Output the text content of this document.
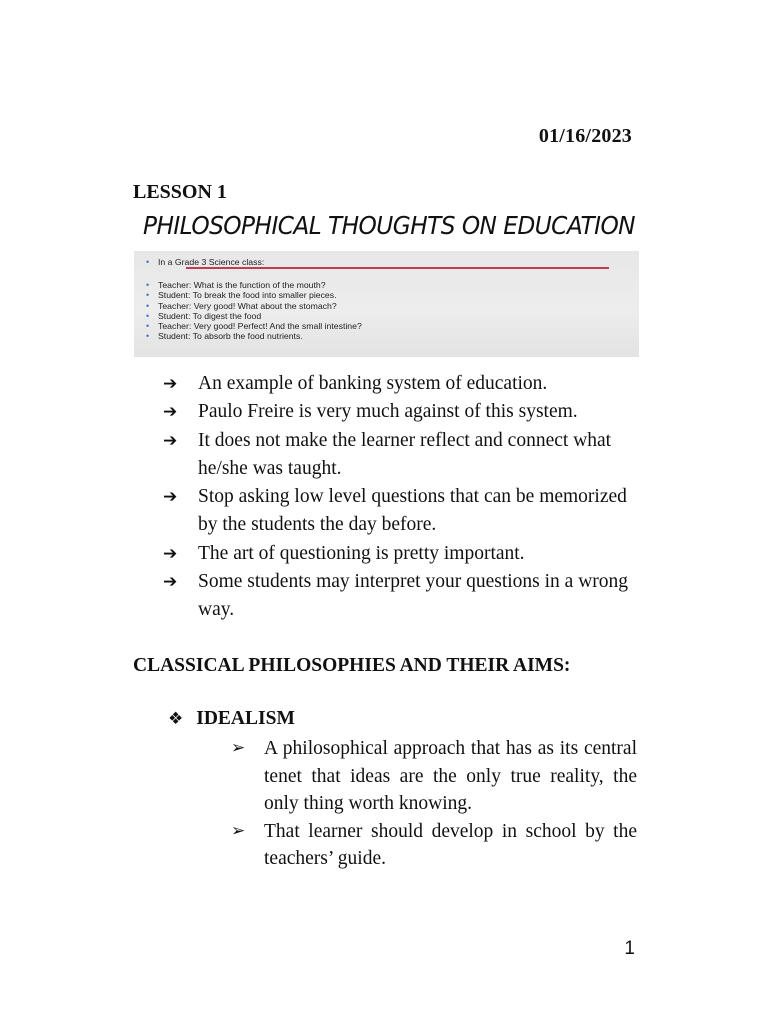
01/16/2023
LESSON 1
PHILOSOPHICAL THOUGHTS ON EDUCATION
• In a Grade 3 Science class:
• Teacher: What is the function of the mouth?
• Student: To break the food into smaller pieces.
• Teacher: Very good! What about the stomach?
• Student: To digest the food
• Teacher: Very good! Perfect! And the small intestine?
• Student: To absorb the food nutrients.
➔ An example of banking system of education.
➔ Paulo Freire is very much against of this system.
➔ It does not make the learner reflect and connect what he/she was taught.
➔ Stop asking low level questions that can be memorized by the students the day before.
➔ The art of questioning is pretty important.
➔ Some students may interpret your questions in a wrong way.
CLASSICAL PHILOSOPHIES AND THEIR AIMS:
❖ IDEALISM
➢ A philosophical approach that has as its central tenet that ideas are the only true reality, the only thing worth knowing.
➢ That learner should develop in school by the teachers’ guide.
1
